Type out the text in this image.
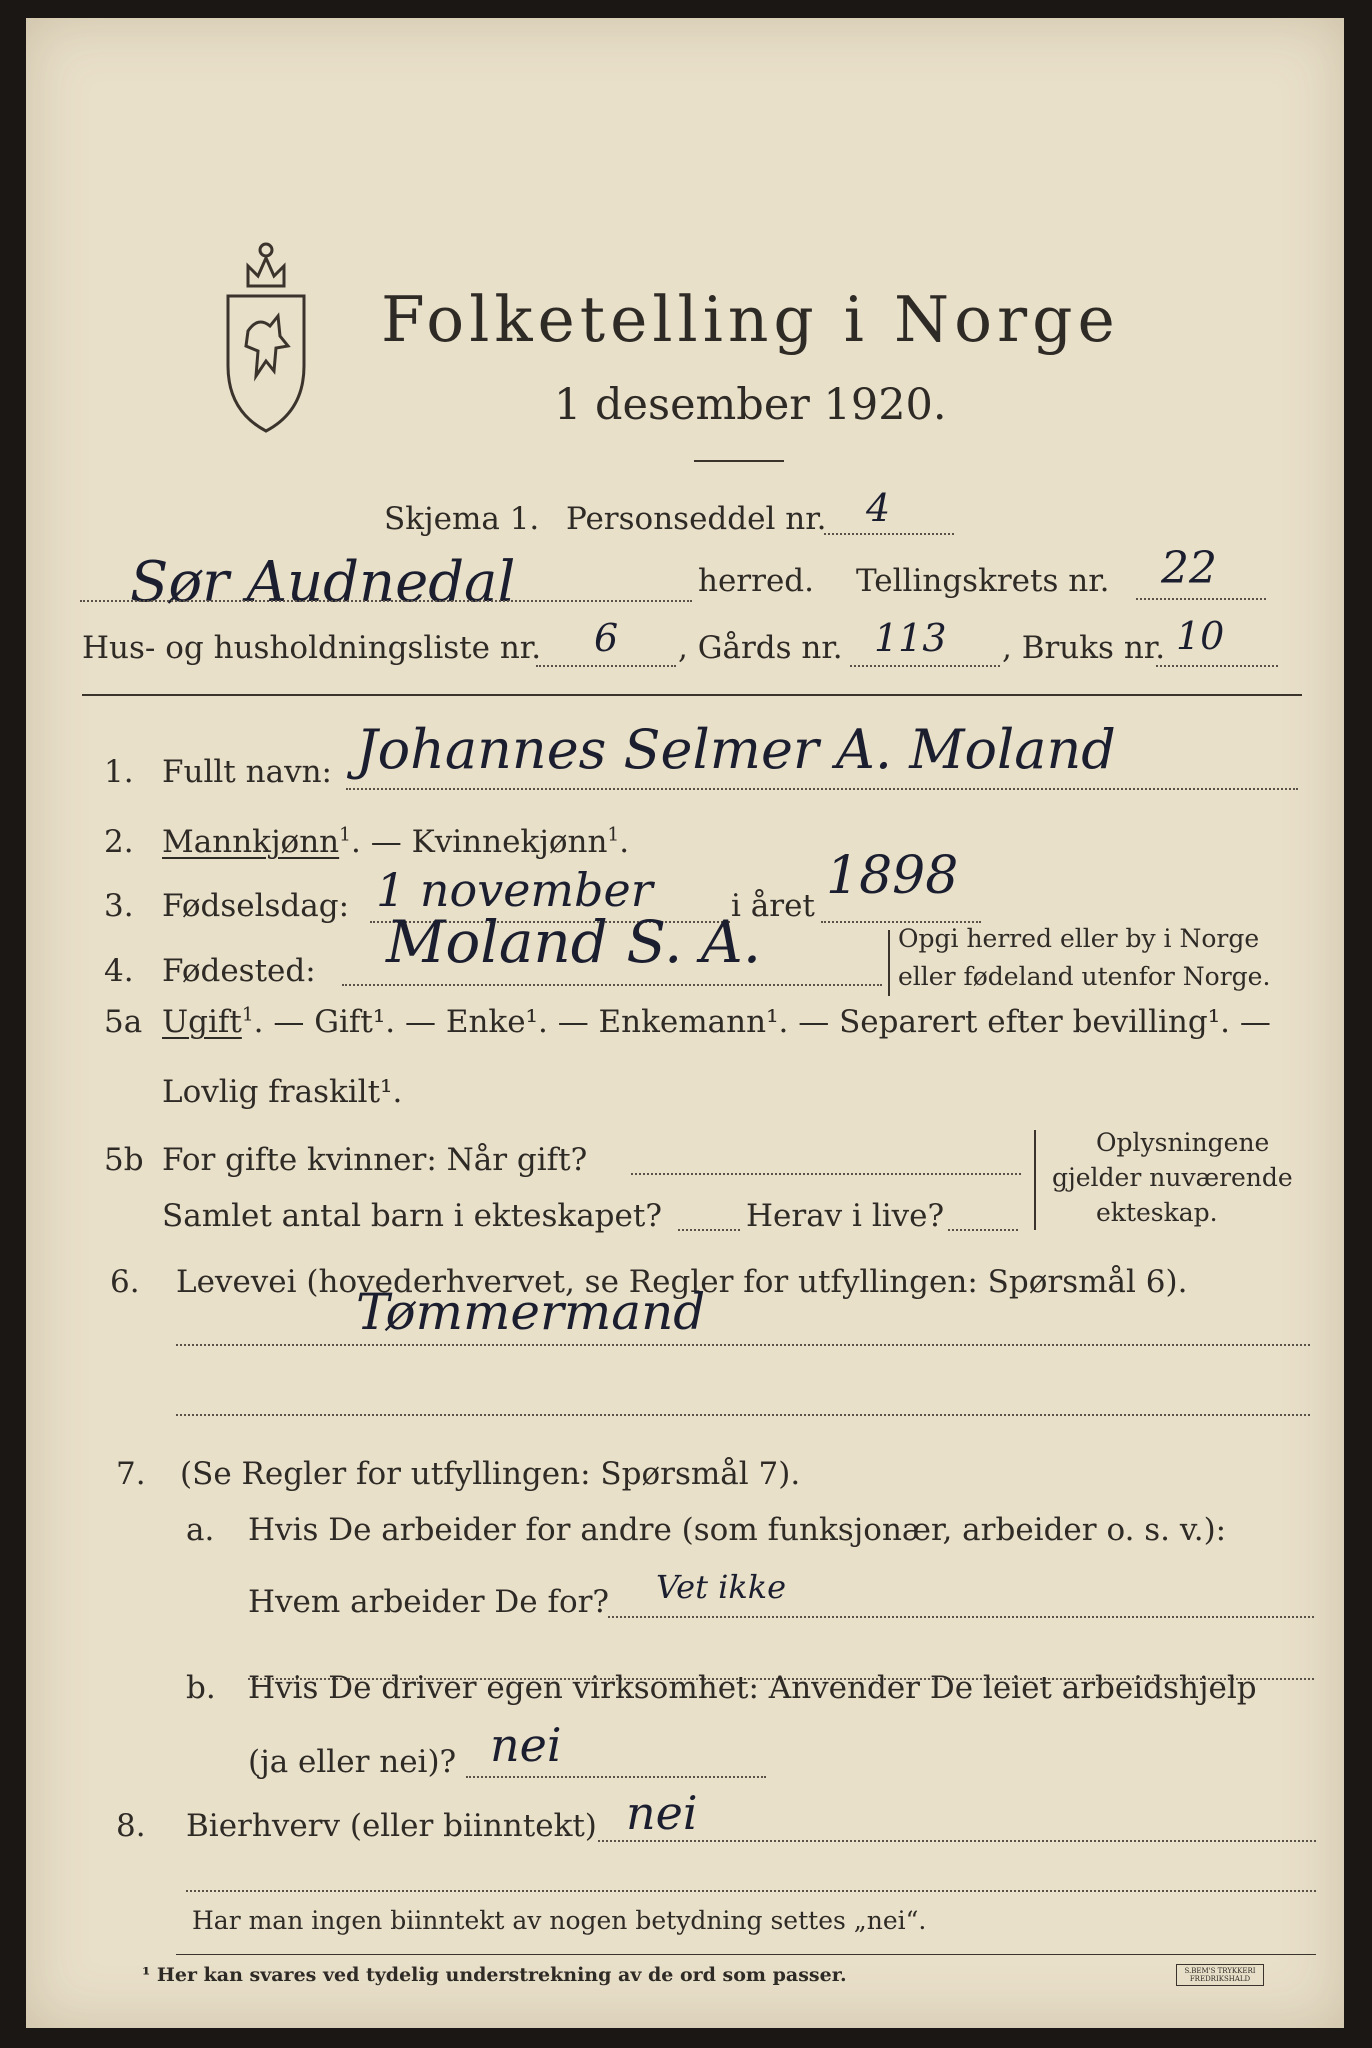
Folketelling i Norge
1 desember 1920.
Skjema 1. Personseddel nr. 4
Sør Audnedal	herred. Tellingskrets nr. 22
Hus- og husholdningsliste nr. 6 , Gårds nr. 113 , Bruks nr. 10
1. Fullt navn: Johannes Selmer A. Moland
2. Mannkjønn$^1$. — Kvinnekjønn$^1$.
3. Fødselsdag: 1 november	i året 1898
4. Fødested: Moland S. A.	Opgi herred eller by i Norge
eller fødeland utenfor Norge.
5a Ugift$^1$. — Gift¹. — Enke¹. — Enkemann¹. — Separert efter bevilling¹. —
Lovlig fraskilt¹.
5b For gifte kvinner: Når gift?
Samlet antal barn i ekteskapet?	Herav i live?
Oplysningene
gjelder nuværende
ekteskap.
6. Levevei (hovederhvervet, se Regler for utfyllingen: Spørsmål 6).
Tømmermand
7. (Se Regler for utfyllingen: Spørsmål 7).
a. Hvis De arbeider for andre (som funksjonær, arbeider o. s. v.):
Hvem arbeider De for? Vet ikke
b. Hvis De driver egen virksomhet: Anvender De leiet arbeidshjelp
(ja eller nei)? nei
8. Bierhverv (eller biinntekt) nei
Har man ingen biinntekt av nogen betydning settes „nei“.
¹ Her kan svares ved tydelig understrekning av de ord som passer.	S.BEM'S TRYKKERI FREDRIKSHALD
